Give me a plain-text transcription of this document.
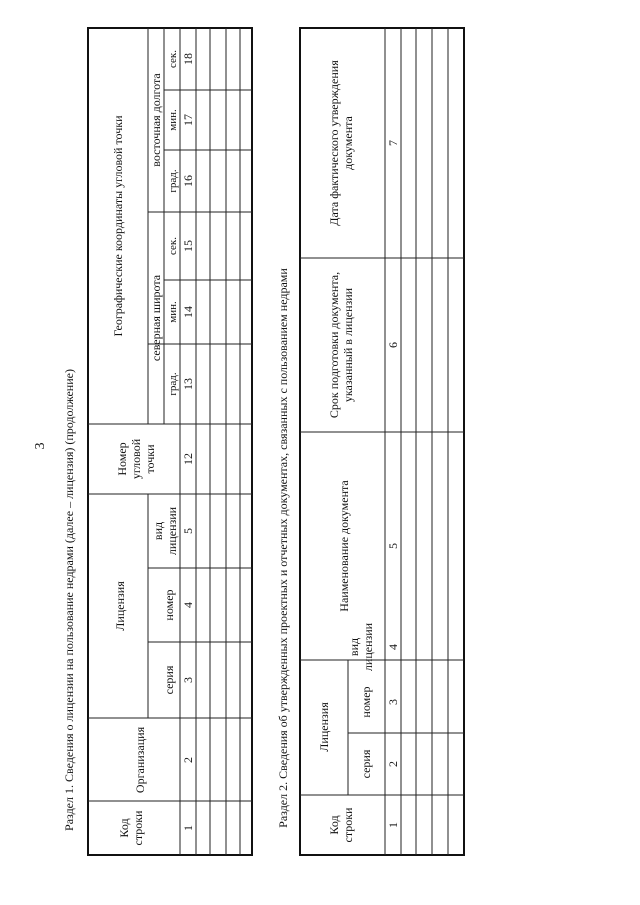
3 Раздел 1. Сведения о лицензии на пользование недрами (далее – лицензия) (продолжение)	Кодстроки
Организация
Лицензия
серия
номер
видлицензии
Номеругловойточки
Географические координаты угловой точки северная широта
восточная долгота
град.
мин.
сек.
град.
мин.
сек.
1
2
3
4
5
12
13
14
15
16
17
18
Раздел 2. Сведения об утвержденных проектных и отчетных документах, связанных с пользованием недрами	Кодстроки
Лицензия
серия
номер
видлицензии
Наименование документа
Срок подготовки документа,указанный в лицензии
Дата фактического утверждениядокумента
1
2
3
4
5
6
7
